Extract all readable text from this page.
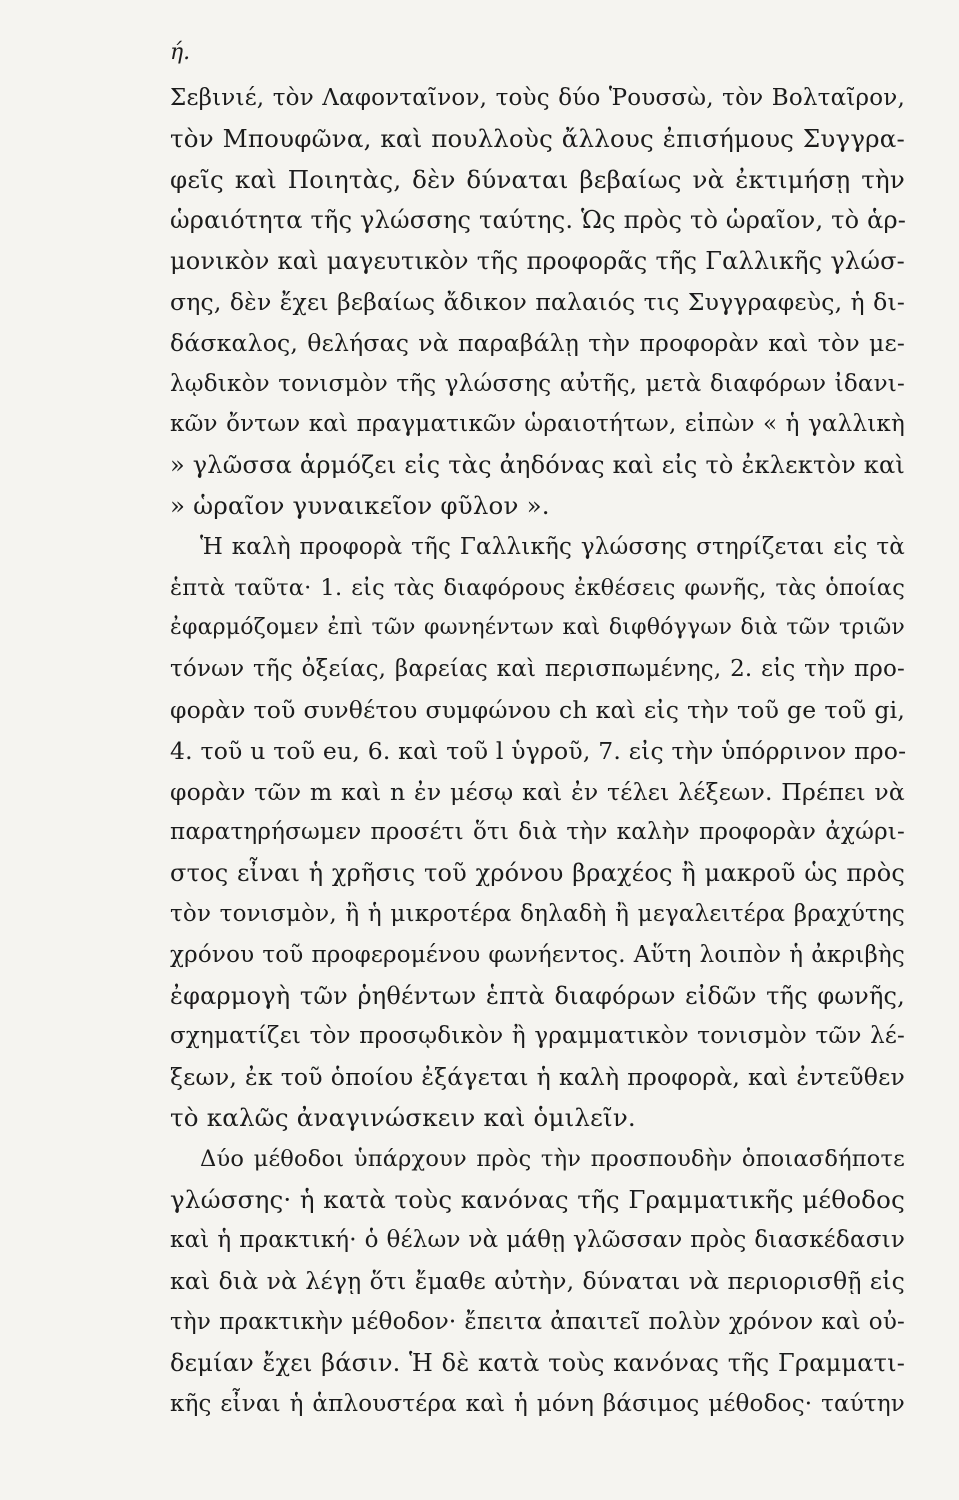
ή.
Σεβινιέ, τὸν Λαφονταῖνον, τοὺς δύο Ῥουσσὼ, τὸν Βολταῖρον,
τὸν Μπουφῶνα, καὶ πουλλοὺς ἄλλους ἐπισήμους Συγγρα-
φεῖς καὶ Ποιητὰς, δὲν δύναται βεβαίως νὰ ἐκτιμήσῃ τὴν
ὡραιότητα τῆς γλώσσης ταύτης. Ὡς πρὸς τὸ ὡραῖον, τὸ ἁρ-
μονικὸν καὶ μαγευτικὸν τῆς προφορᾶς τῆς Γαλλικῆς γλώσ-
σης, δὲν ἔχει βεβαίως ἄδικον παλαιός τις Συγγραφεὺς, ἡ δι-
δάσκαλος, θελήσας νὰ παραβάλῃ τὴν προφορὰν καὶ τὸν με-
λῳδικὸν τονισμὸν τῆς γλώσσης αὐτῆς, μετὰ διαφόρων ἰδανι-
κῶν ὄντων καὶ πραγματικῶν ὡραιοτήτων, εἰπὼν « ἡ γαλλικὴ
» γλῶσσα ἁρμόζει εἰς τὰς ἀηδόνας καὶ εἰς τὸ ἐκλεκτὸν καὶ
» ὡραῖον γυναικεῖον φῦλον ».
Ἡ καλὴ προφορὰ τῆς Γαλλικῆς γλώσσης στηρίζεται εἰς τὰ
ἑπτὰ ταῦτα· 1. εἰς τὰς διαφόρους ἐκθέσεις φωνῆς, τὰς ὁποίας
ἐφαρμόζομεν ἐπὶ τῶν φωνηέντων καὶ διφθόγγων διὰ τῶν τριῶν
τόνων τῆς ὀξείας, βαρείας καὶ περισπωμένης, 2. εἰς τὴν προ-
φορὰν τοῦ συνθέτου συμφώνου ch καὶ εἰς τὴν τοῦ ge τοῦ gi,
4. τοῦ u τοῦ eu, 6. καὶ τοῦ l ὑγροῦ, 7. εἰς τὴν ὑπόρρινον προ-
φορὰν τῶν m καὶ n ἐν μέσῳ καὶ ἐν τέλει λέξεων. Πρέπει νὰ
παρατηρήσωμεν προσέτι ὅτι διὰ τὴν καλὴν προφορὰν ἀχώρι-
στος εἶναι ἡ χρῆσις τοῦ χρόνου βραχέος ἢ μακροῦ ὡς πρὸς
τὸν τονισμὸν, ἢ ἡ μικροτέρα δηλαδὴ ἢ μεγαλειτέρα βραχύτης
χρόνου τοῦ προφερομένου φωνήεντος. Αὕτη λοιπὸν ἡ ἀκριβὴς
ἐφαρμογὴ τῶν ῥηθέντων ἑπτὰ διαφόρων εἰδῶν τῆς φωνῆς,
σχηματίζει τὸν προσῳδικὸν ἢ γραμματικὸν τονισμὸν τῶν λέ-
ξεων, ἐκ τοῦ ὁποίου ἐξάγεται ἡ καλὴ προφορὰ, καὶ ἐντεῦθεν
τὸ καλῶς ἀναγινώσκειν καὶ ὁμιλεῖν.
Δύο μέθοδοι ὑπάρχουν πρὸς τὴν προσπουδὴν ὁποιασδήποτε
γλώσσης· ἡ κατὰ τοὺς κανόνας τῆς Γραμματικῆς μέθοδος
καὶ ἡ πρακτική· ὁ θέλων νὰ μάθῃ γλῶσσαν πρὸς διασκέδασιν
καὶ διὰ νὰ λέγῃ ὅτι ἔμαθε αὐτὴν, δύναται νὰ περιορισθῇ εἰς
τὴν πρακτικὴν μέθοδον· ἔπειτα ἀπαιτεῖ πολὺν χρόνον καὶ οὐ-
δεμίαν ἔχει βάσιν. Ἡ δὲ κατὰ τοὺς κανόνας τῆς Γραμματι-
κῆς εἶναι ἡ ἁπλουστέρα καὶ ἡ μόνη βάσιμος μέθοδος· ταύτην
